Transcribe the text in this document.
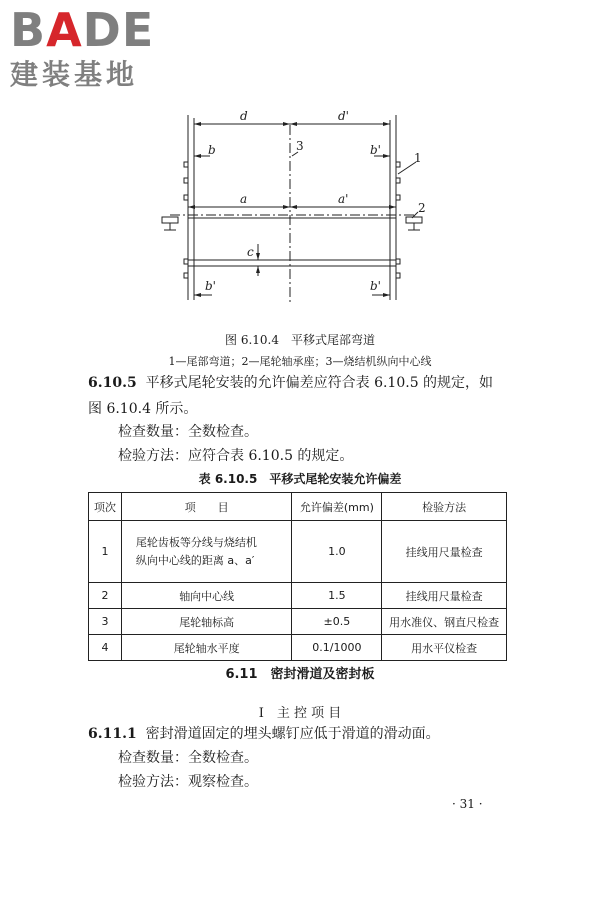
BADE
建装基地
d	d'
b	b'
a	a'
c
b'	b'
3
1
2
图 6.10.4　平移式尾部弯道
1—尾部弯道；2—尾轮轴承座；3—烧结机纵向中心线
6.10.5 平移式尾轮安装的允许偏差应符合表 6.10.5 的规定，如
图 6.10.4 所示。
检查数量：全数检查。
检验方法：应符合表 6.10.5 的规定。
表 6.10.5　平移式尾轮安装允许偏差
项次	项　　目	允许偏差(mm)	检验方法
1	尾轮齿板等分线与烧结机
纵向中心线的距离 a、a′	1.0	挂线用尺量检查
2	轴向中心线	1.5	挂线用尺量检查
3	尾轮轴标高	±0.5	用水准仪、钢直尺检查
4	尾轮轴水平度	0.1/1000	用水平仪检查
6.11　密封滑道及密封板
Ⅰ　主 控 项 目
6.11.1 密封滑道固定的埋头螺钉应低于滑道的滑动面。
检查数量：全数检查。
检验方法：观察检查。
· 31 ·
